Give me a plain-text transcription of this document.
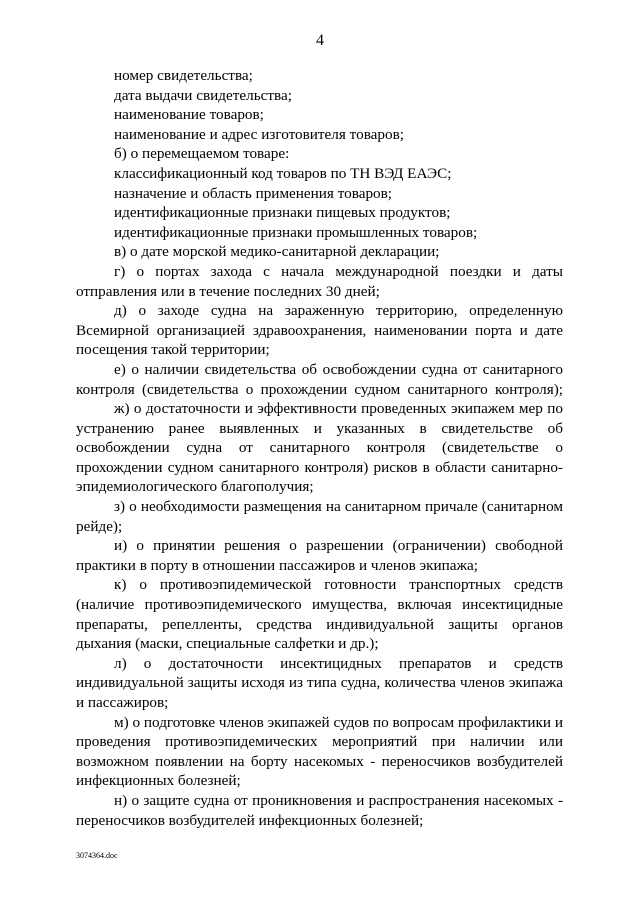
4
номер свидетельства;
дата выдачи свидетельства;
наименование товаров;
наименование и адрес изготовителя товаров;
б) о перемещаемом товаре:
классификационный код товаров по ТН ВЭД ЕАЭС;
назначение и область применения товаров;
идентификационные признаки пищевых продуктов;
идентификационные признаки промышленных товаров;
в) о дате морской медико-санитарной декларации;
г) о портах захода с начала международной поездки и даты
отправления или в течение последних 30 дней;
д) о заходе судна на зараженную территорию, определенную
Всемирной организацией здравоохранения, наименовании порта и дате
посещения такой территории;
е) о наличии свидетельства об освобождении судна от санитарного
контроля (свидетельства о прохождении судном санитарного контроля);
ж) о достаточности и эффективности проведенных экипажем мер по
устранению ранее выявленных и указанных в свидетельстве об
освобождении судна от санитарного контроля (свидетельстве о
прохождении судном санитарного контроля) рисков в области санитарно-
эпидемиологического благополучия;
з) о необходимости размещения на санитарном причале (санитарном
рейде);
и) о принятии решения о разрешении (ограничении) свободной
практики в порту в отношении пассажиров и членов экипажа;
к) о противоэпидемической готовности транспортных средств
(наличие противоэпидемического имущества, включая инсектицидные
препараты, репелленты, средства индивидуальной защиты органов
дыхания (маски, специальные салфетки и др.);
л) о достаточности инсектицидных препаратов и средств
индивидуальной защиты исходя из типа судна, количества членов экипажа
и пассажиров;
м) о подготовке членов экипажей судов по вопросам профилактики и
проведения противоэпидемических мероприятий при наличии или
возможном появлении на борту насекомых - переносчиков возбудителей
инфекционных болезней;
н) о защите судна от проникновения и распространения насекомых -
переносчиков возбудителей инфекционных болезней;
3074364.doc
